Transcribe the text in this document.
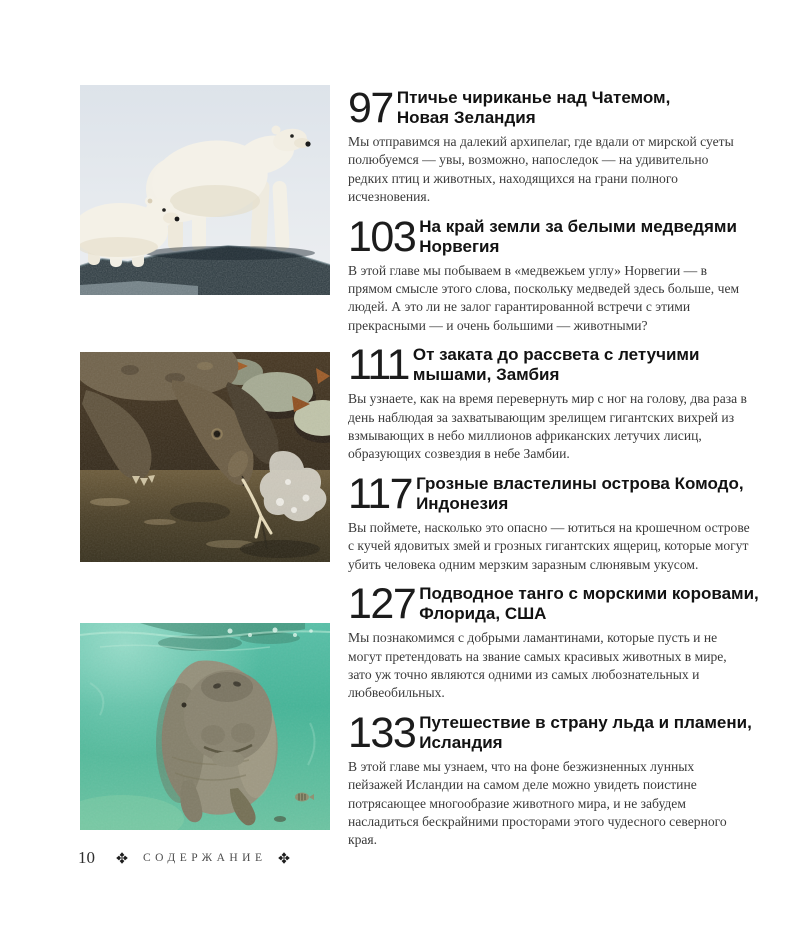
97 Птичье чириканье над Чатемом,
Новая Зеландия

Мы отправимся на далекий архипелаг, где вдали от мирской суеты полюбуемся — увы, возможно, напоследок — на удивительно редких птиц и животных, находящихся на грани полного исчезновения.

103 На край земли за белыми медведями
Норвегия

В этой главе мы побываем в «медвежьем углу» Норвегии — в прямом смысле этого слова, поскольку медведей здесь больше, чем людей. А это ли не залог гарантированной встречи с этими прекрасными — и очень большими — животными?

111 От заката до рассвета с летучими
мышами, Замбия

Вы узнаете, как на время перевернуть мир с ног на голову, два раза в день наблюдая за захватывающим зрелищем гигантских вихрей из взмывающих в небо миллионов африканских летучих лисиц, образующих созвездия в небе Замбии.

117 Грозные властелины острова Комодо,
Индонезия

Вы поймете, насколько это опасно — ютиться на крошечном острове с кучей ядовитых змей и грозных гигантских ящериц, которые могут убить человека одним мерзким заразным слюнявым укусом.

127 Подводное танго с морскими коровами,
Флорида, США

Мы познакомимся с добрыми ламантинами, которые пусть и не могут претендовать на звание самых красивых животных в мире, зато уж точно являются одними из самых любознательных и любвеобильных.

133 Путешествие в страну льда и пламени,
Исландия

В этой главе мы узнаем, что на фоне безжизненных лунных пейзажей Исландии на самом деле можно увидеть поистине потрясающее многообразие животного мира, и не забудем насладиться бескрайними просторами этого чудесного северного края.

10	СОДЕРЖАНИЕ
